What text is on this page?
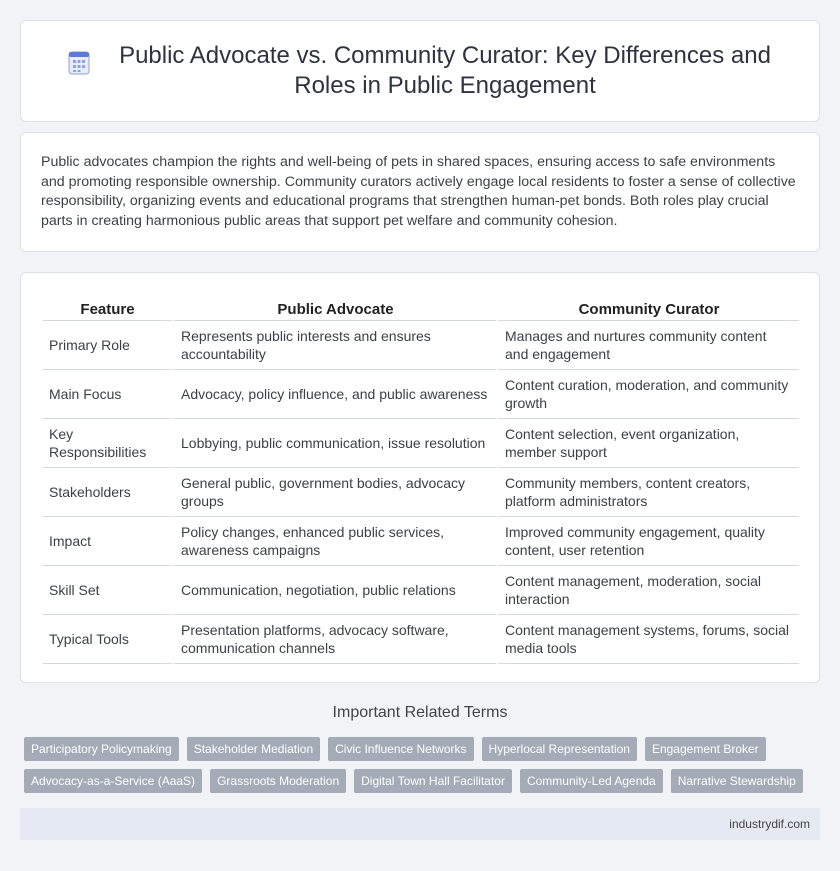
Public Advocate vs. Community Curator: Key Differences and Roles in Public Engagement

Public advocates champion the rights and well-being of pets in shared spaces, ensuring access to safe environments and promoting responsible ownership. Community curators actively engage local residents to foster a sense of collective responsibility, organizing events and educational programs that strengthen human-pet bonds. Both roles play crucial parts in creating harmonious public areas that support pet welfare and community cohesion.

Feature	Public Advocate	Community Curator
Primary Role	Represents public interests and ensures accountability	Manages and nurtures community content and engagement
Main Focus	Advocacy, policy influence, and public awareness	Content curation, moderation, and community growth
Key Responsibilities	Lobbying, public communication, issue resolution	Content selection, event organization, member support
Stakeholders	General public, government bodies, advocacy groups	Community members, content creators, platform administrators
Impact	Policy changes, enhanced public services, awareness campaigns	Improved community engagement, quality content, user retention
Skill Set	Communication, negotiation, public relations	Content management, moderation, social interaction
Typical Tools	Presentation platforms, advocacy software, communication channels	Content management systems, forums, social media tools
Important Related Terms
Participatory Policymaking	Stakeholder Mediation	Civic Influence Networks	Hyperlocal Representation	Engagement Broker
Advocacy-as-a-Service (AaaS)	Grassroots Moderation	Digital Town Hall Facilitator	Community-Led Agenda	Narrative Stewardship
industrydif.com
